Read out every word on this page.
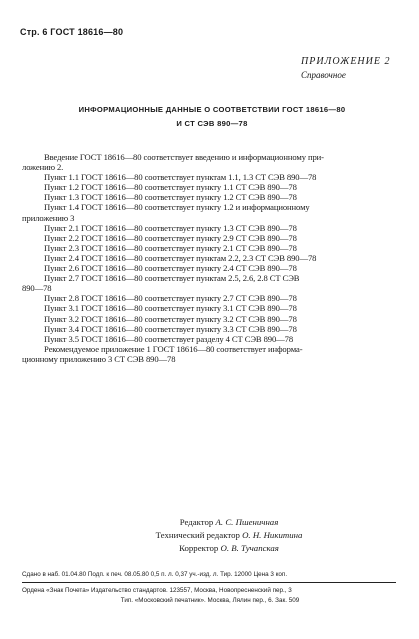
Стр. 6 ГОСТ 18616—80
ПРИЛОЖЕНИЕ 2
Справочное
ИНФОРМАЦИОННЫЕ ДАННЫЕ О СООТВЕТСТВИИ ГОСТ 18616—80
И СТ СЭВ 890—78
Введение ГОСТ 18616—80 соответствует введению и информационному при-
ложению 2.
Пункт 1.1 ГОСТ 18616—80 соответствует пунктам 1.1, 1.3 СТ СЭВ 890—78
Пункт 1.2 ГОСТ 18616—80 соответствует пункту 1.1 СТ СЭВ 890—78
Пункт 1.3 ГОСТ 18616—80 соответствует пункту 1.2 СТ СЭВ 890—78
Пункт 1.4 ГОСТ 18616—80 соответствует пункту 1.2 и информационному
приложению 3
Пункт 2.1 ГОСТ 18616—80 соответствует пункту 1.3 СТ СЭВ 890—78
Пункт 2.2 ГОСТ 18616—80 соответствует пункту 2.9 СТ СЭВ 890—78
Пункт 2.3 ГОСТ 18616—80 соответствует пункту 2.1 СТ СЭВ 890—78
Пункт 2.4 ГОСТ 18616—80 соответствует пунктам 2.2, 2.3 СТ СЭВ 890—78
Пункт 2.6 ГОСТ 18616—80 соответствует пункту 2.4 СТ СЭВ 890—78
Пункт 2.7 ГОСТ 18616—80 соответствует пунктам 2.5, 2.6, 2.8 СТ СЭВ
890—78
Пункт 2.8 ГОСТ 18616—80 соответствует пункту 2.7 СТ СЭВ 890—78
Пункт 3.1 ГОСТ 18616—80 соответствует пункту 3.1 СТ СЭВ 890—78
Пункт 3.2 ГОСТ 18616—80 соответствует пункту 3.2 СТ СЭВ 890—78
Пункт 3.4 ГОСТ 18616—80 соответствует пункту 3.3 СТ СЭВ 890—78
Пункт 3.5 ГОСТ 18616—80 соответствует разделу 4 СТ СЭВ 890—78
Рекомендуемое приложение 1 ГОСТ 18616—80 соответствует информа-
ционному приложению 3 СТ СЭВ 890—78
Редактор А. С. Пшеничная
Технический редактор О. Н. Никитина
Корректор О. В. Тучапская
Сдано в наб. 01.04.80 Подп. к печ. 08.05.80 0,5 п. л. 0,37 уч.-изд. л. Тир. 12000 Цена 3 коп.
Ордена «Знак Почета» Издательство стандартов. 123557, Москва, Новопресненский пер., 3
Тип. «Московский печатник». Москва, Лялин пер., 6. Зак. 509
